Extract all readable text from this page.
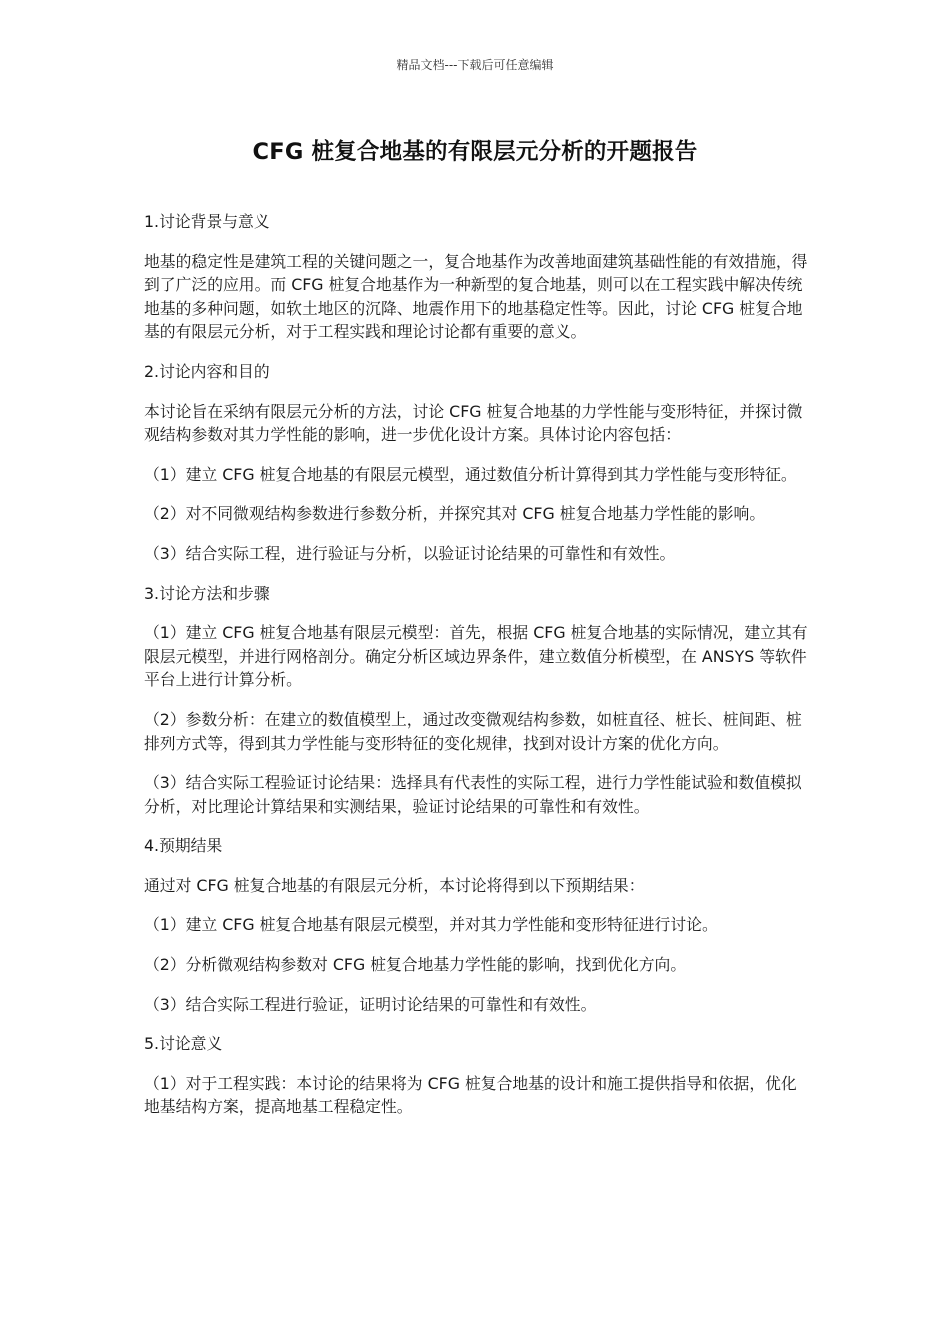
精品文档---下载后可任意编辑
CFG 桩复合地基的有限层元分析的开题报告

1.讨论背景与意义

地基的稳定性是建筑工程的关键问题之一，复合地基作为改善地面建筑基础性能的有效措施，得到了广泛的应用。而 CFG 桩复合地基作为一种新型的复合地基，则可以在工程实践中解决传统地基的多种问题，如软土地区的沉降、地震作用下的地基稳定性等。因此，讨论 CFG 桩复合地基的有限层元分析，对于工程实践和理论讨论都有重要的意义。

2.讨论内容和目的

本讨论旨在采纳有限层元分析的方法，讨论 CFG 桩复合地基的力学性能与变形特征，并探讨微观结构参数对其力学性能的影响，进一步优化设计方案。具体讨论内容包括：

（1）建立 CFG 桩复合地基的有限层元模型，通过数值分析计算得到其力学性能与变形特征。

（2）对不同微观结构参数进行参数分析，并探究其对 CFG 桩复合地基力学性能的影响。

（3）结合实际工程，进行验证与分析，以验证讨论结果的可靠性和有效性。

3.讨论方法和步骤

（1）建立 CFG 桩复合地基有限层元模型：首先，根据 CFG 桩复合地基的实际情况，建立其有限层元模型，并进行网格剖分。确定分析区域边界条件，建立数值分析模型，在 ANSYS 等软件平台上进行计算分析。

（2）参数分析：在建立的数值模型上，通过改变微观结构参数，如桩直径、桩长、桩间距、桩排列方式等，得到其力学性能与变形特征的变化规律，找到对设计方案的优化方向。

（3）结合实际工程验证讨论结果：选择具有代表性的实际工程，进行力学性能试验和数值模拟分析，对比理论计算结果和实测结果，验证讨论结果的可靠性和有效性。

4.预期结果

通过对 CFG 桩复合地基的有限层元分析，本讨论将得到以下预期结果：

（1）建立 CFG 桩复合地基有限层元模型，并对其力学性能和变形特征进行讨论。

（2）分析微观结构参数对 CFG 桩复合地基力学性能的影响，找到优化方向。

（3）结合实际工程进行验证，证明讨论结果的可靠性和有效性。

5.讨论意义

（1）对于工程实践：本讨论的结果将为 CFG 桩复合地基的设计和施工提供指导和依据，优化地基结构方案，提高地基工程稳定性。
